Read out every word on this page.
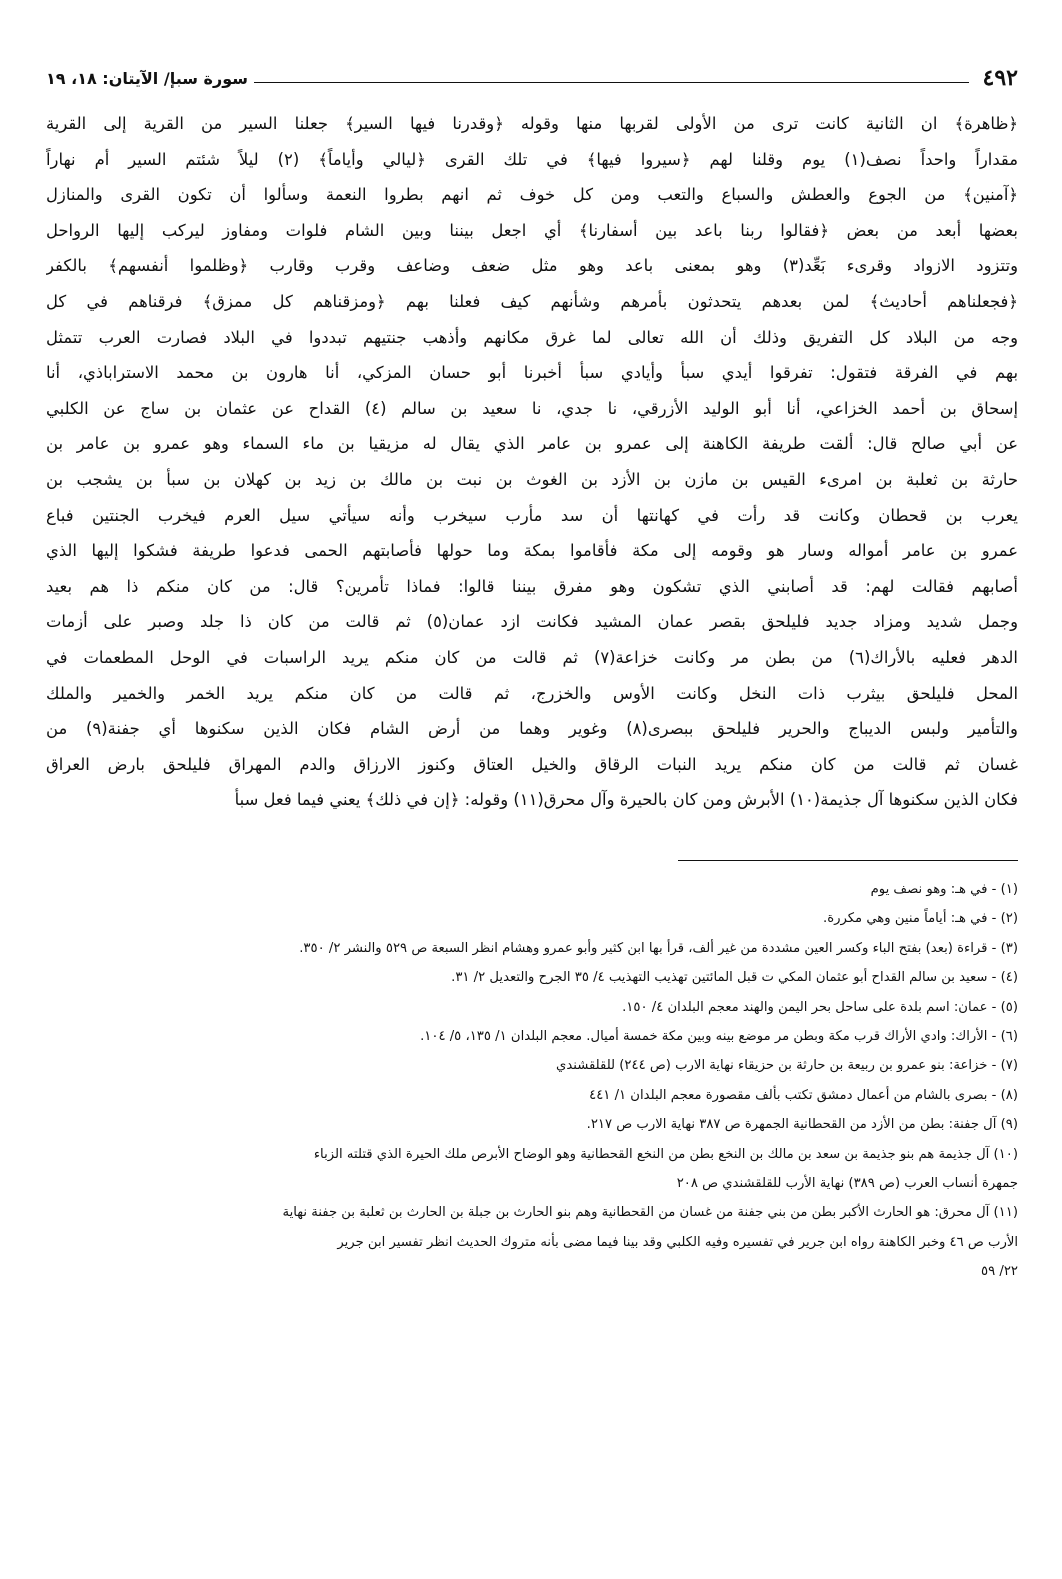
٤٩٢
سورة سبإ/ الآيتان: ١٨، ١٩
﴿ظاهرة﴾ ان الثانية كانت ترى من الأولى لقربها منها وقوله ﴿وقدرنا فيها السير﴾ جعلنا السير من القرية إلى القرية
مقداراً واحداً نصف(١) يوم وقلنا لهم ﴿سيروا فيها﴾ في تلك القرى ﴿ليالي وأياماً﴾ (٢) ليلاً شئتم السير أم نهاراً
﴿آمنين﴾ من الجوع والعطش والسباع والتعب ومن كل خوف ثم انهم بطروا النعمة وسألوا أن تكون القرى والمنازل
بعضها أبعد من بعض ﴿فقالوا ربنا باعد بين أسفارنا﴾ أي اجعل بيننا وبين الشام فلوات ومفاوز ليركب إليها الرواحل
وتتزود الازواد وقرىء بَعِّد(٣) وهو بمعنى باعد وهو مثل ضعف وضاعف وقرب وقارب ﴿وظلموا أنفسهم﴾ بالكفر
﴿فجعلناهم أحاديث﴾ لمن بعدهم يتحدثون بأمرهم وشأنهم كيف فعلنا بهم ﴿ومزقناهم كل ممزق﴾ فرقناهم في كل
وجه من البلاد كل التفريق وذلك أن الله تعالى لما غرق مكانهم وأذهب جنتيهم تبددوا في البلاد فصارت العرب تتمثل
بهم في الفرقة فتقول: تفرقوا أيدي سبأ وأيادي سبأ أخبرنا أبو حسان المزكي، أنا هارون بن محمد الاستراباذي، أنا
إسحاق بن أحمد الخزاعي، أنا أبو الوليد الأزرقي، نا جدي، نا سعيد بن سالم (٤) القداح عن عثمان بن ساج عن الكلبي
عن أبي صالح قال: ألقت طريفة الكاهنة إلى عمرو بن عامر الذي يقال له مزيقيا بن ماء السماء وهو عمرو بن عامر بن
حارثة بن ثعلبة بن امرىء القيس بن مازن بن الأزد بن الغوث بن نبت بن مالك بن زيد بن كهلان بن سبأ بن يشجب بن
يعرب بن قحطان وكانت قد رأت في كهانتها أن سد مأرب سيخرب وأنه سيأتي سيل العرم فيخرب الجنتين فباع
عمرو بن عامر أمواله وسار هو وقومه إلى مكة فأقاموا بمكة وما حولها فأصابتهم الحمى فدعوا طريفة فشكوا إليها الذي
أصابهم فقالت لهم: قد أصابني الذي تشكون وهو مفرق بيننا قالوا: فماذا تأمرين؟ قال: من كان منكم ذا هم بعيد
وجمل شديد ومزاد جديد فليلحق بقصر عمان المشيد فكانت ازد عمان(٥) ثم قالت من كان ذا جلد وصبر على أزمات
الدهر فعليه بالأراك(٦) من بطن مر وكانت خزاعة(٧) ثم قالت من كان منكم يريد الراسبات في الوحل المطعمات في
المحل فليلحق بيثرب ذات النخل وكانت الأوس والخزرج، ثم قالت من كان منكم يريد الخمر والخمير والملك
والتأمير ولبس الديباج والحرير فليلحق ببصرى(٨) وغوير وهما من أرض الشام فكان الذين سكنوها أي جفنة(٩) من
غسان ثم قالت من كان منكم يريد النبات الرقاق والخيل العتاق وكنوز الارزاق والدم المهراق فليلحق بارض العراق
فكان الذين سكنوها آل جذيمة(١٠) الأبرش ومن كان بالحيرة وآل محرق(١١) وقوله: ﴿إن في ذلك﴾ يعني فيما فعل سبأ
(١) - في هـ: وهو نصف يوم
(٢) - في هـ: أياماً منين وهي مكررة.
(٣) - قراءة (بعد) بفتح الباء وكسر العين مشددة من غير ألف، قرأ بها ابن كثير وأبو عمرو وهشام انظر السبعة ص ٥٢٩ والنشر ٢/ ٣٥٠.
(٤) - سعيد بن سالم القداح أبو عثمان المكي ت قبل المائتين تهذيب التهذيب ٤/ ٣٥ الجرح والتعديل ٢/ ٣١.
(٥) - عمان: اسم بلدة على ساحل بحر اليمن والهند معجم البلدان ٤/ ١٥٠.
(٦) - الأراك: وادي الأراك قرب مكة وبطن مر موضع بينه وبين مكة خمسة أميال. معجم البلدان ١/ ١٣٥، ٥/ ١٠٤.
(٧) - خزاعة: بنو عمرو بن ربيعة بن حارثة بن حزيقاء نهاية الارب (ص ٢٤٤) للقلقشندي
(٨) - بصرى بالشام من أعمال دمشق تكتب بألف مقصورة معجم البلدان ١/ ٤٤١
(٩) آل جفنة: بطن من الأزد من القحطانية الجمهرة ص ٣٨٧ نهاية الارب ص ٢١٧.
(١٠) آل جذيمة هم بنو جذيمة بن سعد بن مالك بن النخع بطن من النخع القحطانية وهو الوضاح الأبرص ملك الحيرة الذي قتلته الزباء
جمهرة أنساب العرب (ص ٣٨٩) نهاية الأرب للقلقشندي ص ٢٠٨
(١١) آل محرق: هو الحارث الأكبر بطن من بني جفنة من غسان من القحطانية وهم بنو الحارث بن جبلة بن الحارث بن ثعلبة بن جفنة نهاية
الأرب ص ٤٦ وخبر الكاهنة رواه ابن جرير في تفسيره وفيه الكلبي وقد بينا فيما مضى بأنه متروك الحديث انظر تفسير ابن جرير
٢٢/ ٥٩
